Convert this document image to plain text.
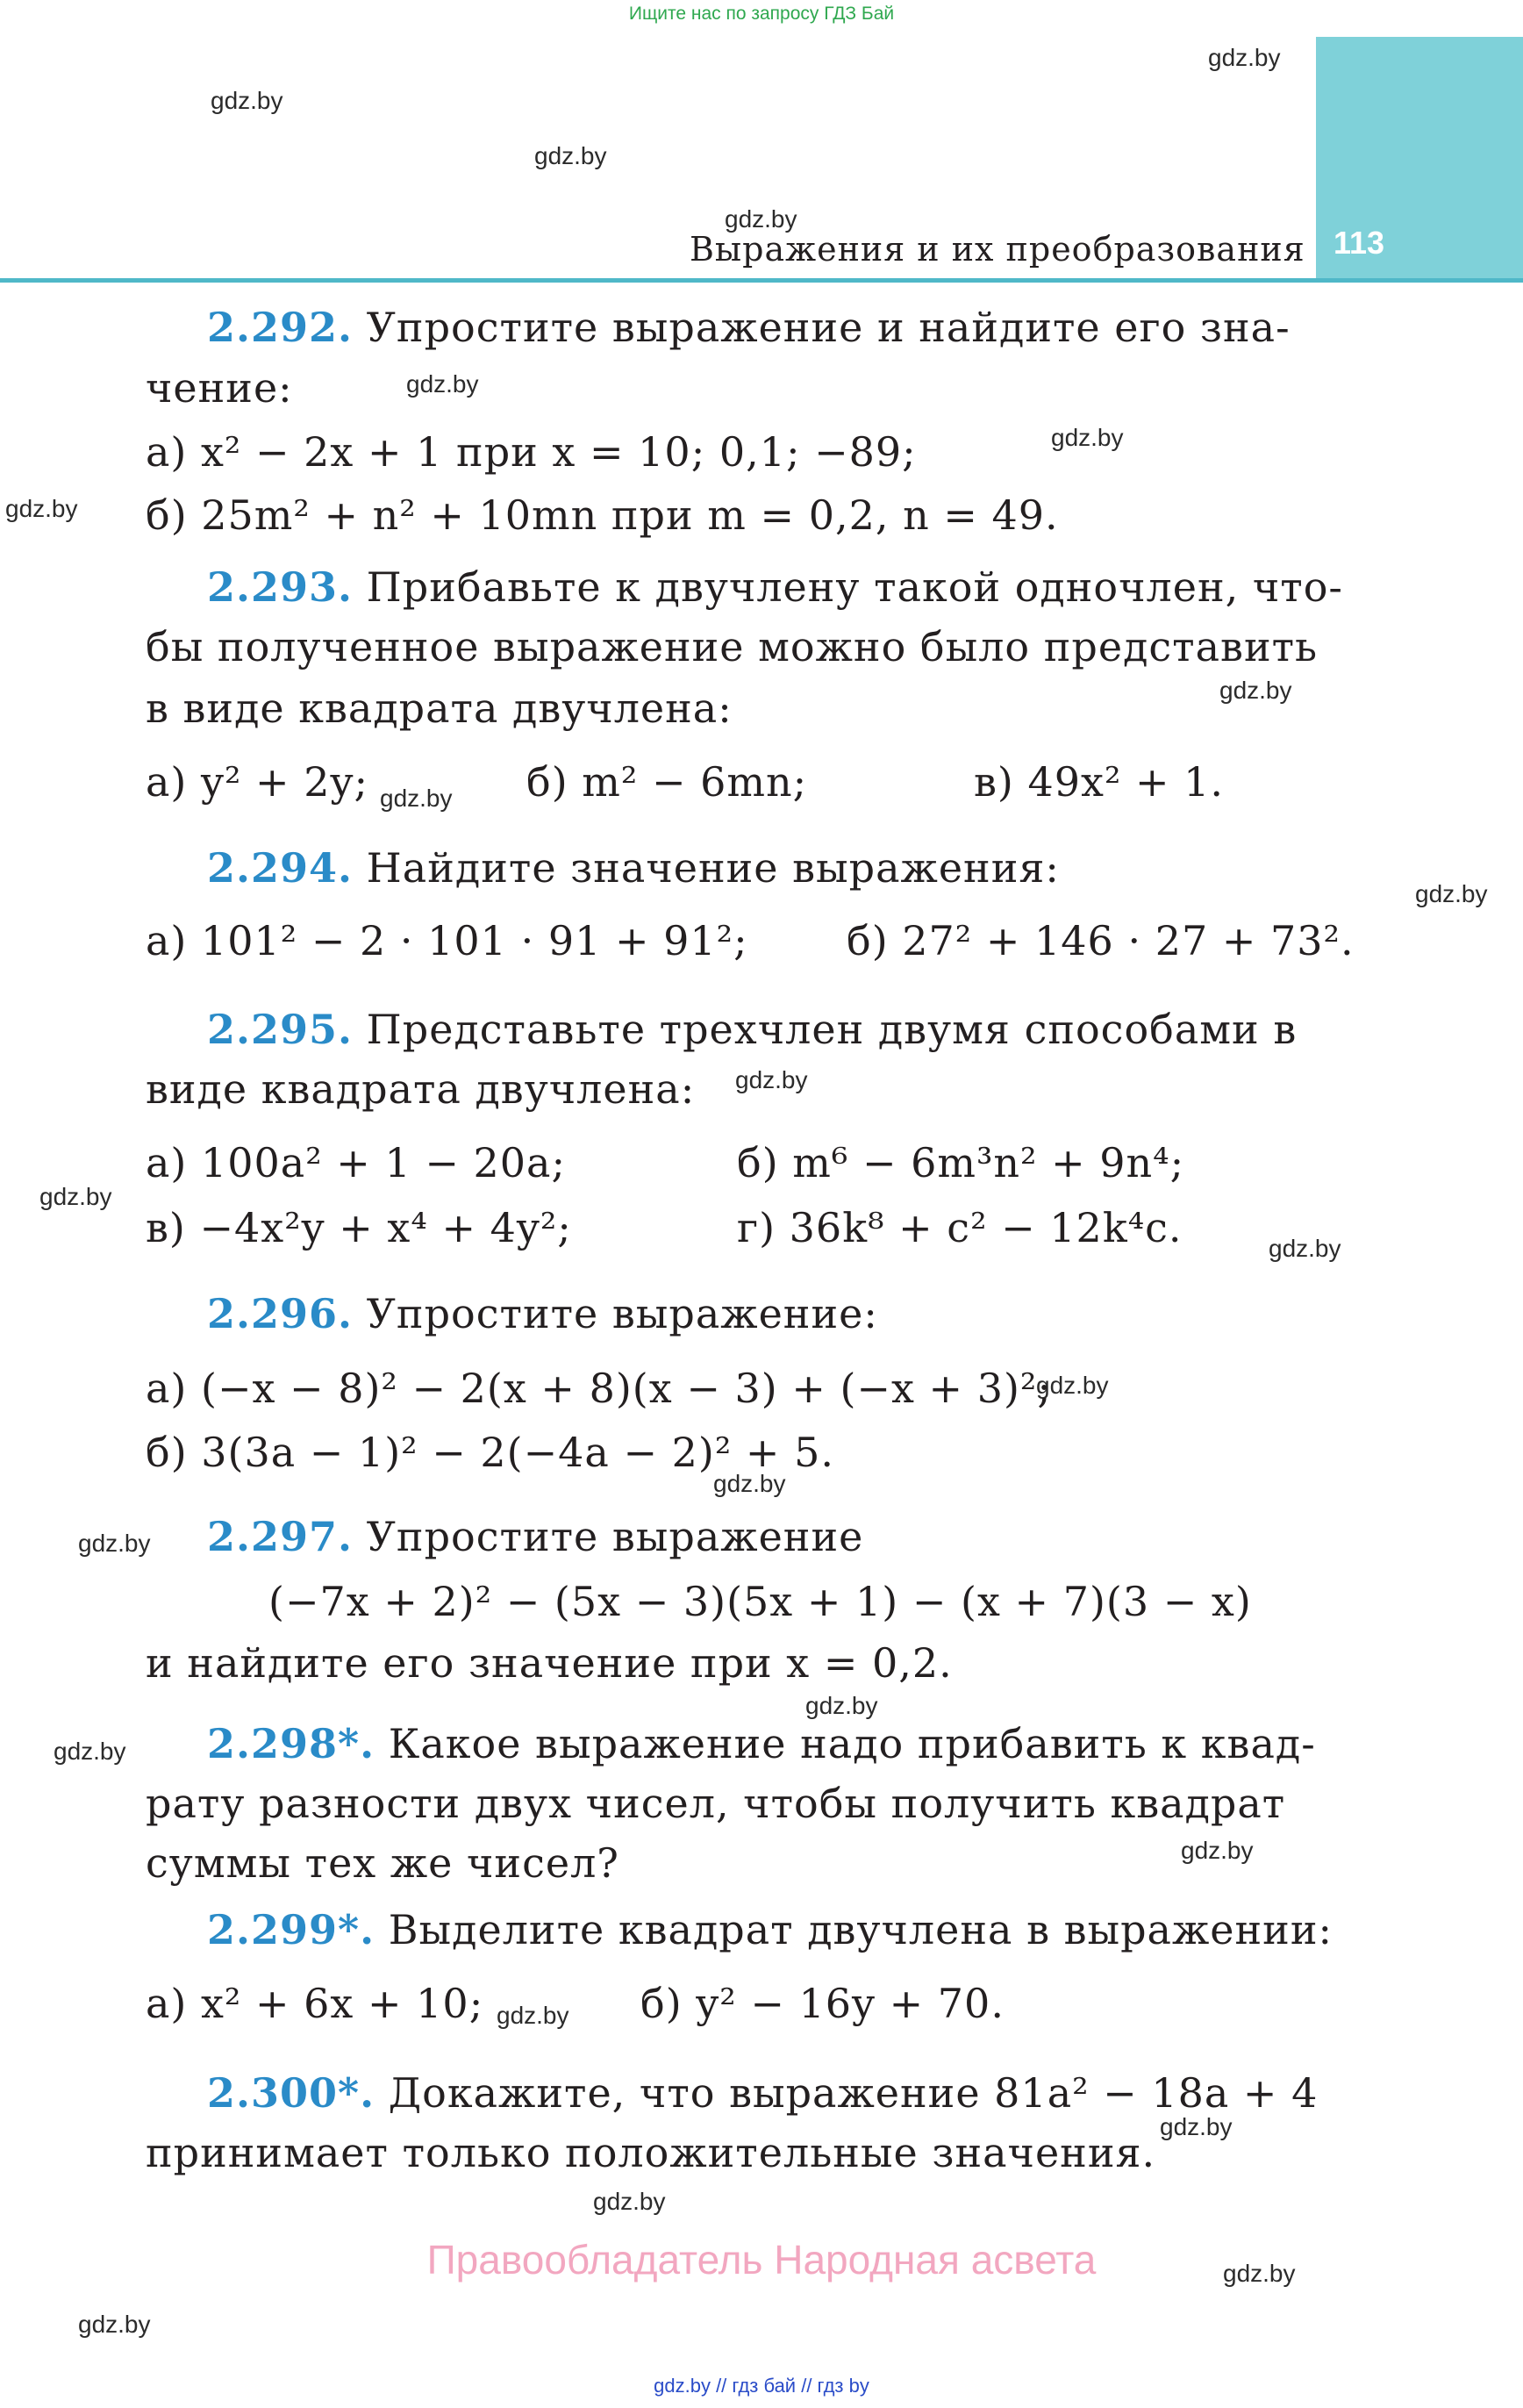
Ищите нас по запросу ГДЗ Бай
113
Выражения и их преобразования
gdz.by
gdz.by
gdz.by
gdz.by
gdz.by
gdz.by
gdz.by
gdz.by
gdz.by
gdz.by
gdz.by
gdz.by
gdz.by
gdz.by
gdz.by
gdz.by
gdz.by
gdz.by
gdz.by
gdz.by
gdz.by
gdz.by
gdz.by
gdz.by
2.292. Упростите выражение и найдите его зна-
чение:
а) x² − 2x + 1 при x = 10; 0,1; −89;
б) 25m² + n² + 10mn при m = 0,2, n = 49.
2.293. Прибавьте к двучлену такой одночлен, что-
бы полученное выражение можно было представить
в виде квадрата двучлена:
а) y² + 2y;	б) m² − 6mn;	в) 49x² + 1.
2.294. Найдите значение выражения:
а) 101² − 2 · 101 · 91 + 91²; б) 27² + 146 · 27 + 73².
2.295. Представьте трехчлен двумя способами в
виде квадрата двучлена:
а) 100a² + 1 − 20a;	б) m⁶ − 6m³n² + 9n⁴;
в) −4x²y + x⁴ + 4y²;	г) 36k⁸ + c² − 12k⁴c.
2.296. Упростите выражение:
а) (−x − 8)² − 2(x + 8)(x − 3) + (−x + 3)²;
б) 3(3a − 1)² − 2(−4a − 2)² + 5.
2.297. Упростите выражение
(−7x + 2)² − (5x − 3)(5x + 1) − (x + 7)(3 − x)
и найдите его значение при x = 0,2.
2.298*. Какое выражение надо прибавить к квад-
рату разности двух чисел, чтобы получить квадрат
суммы тех же чисел?
2.299*. Выделите квадрат двучлена в выражении:
а) x² + 6x + 10;	б) y² − 16y + 70.
2.300*. Докажите, что выражение 81a² − 18a + 4
принимает только положительные значения.
Правообладатель Народная асвета
gdz.by // гдз бай // гдз by
